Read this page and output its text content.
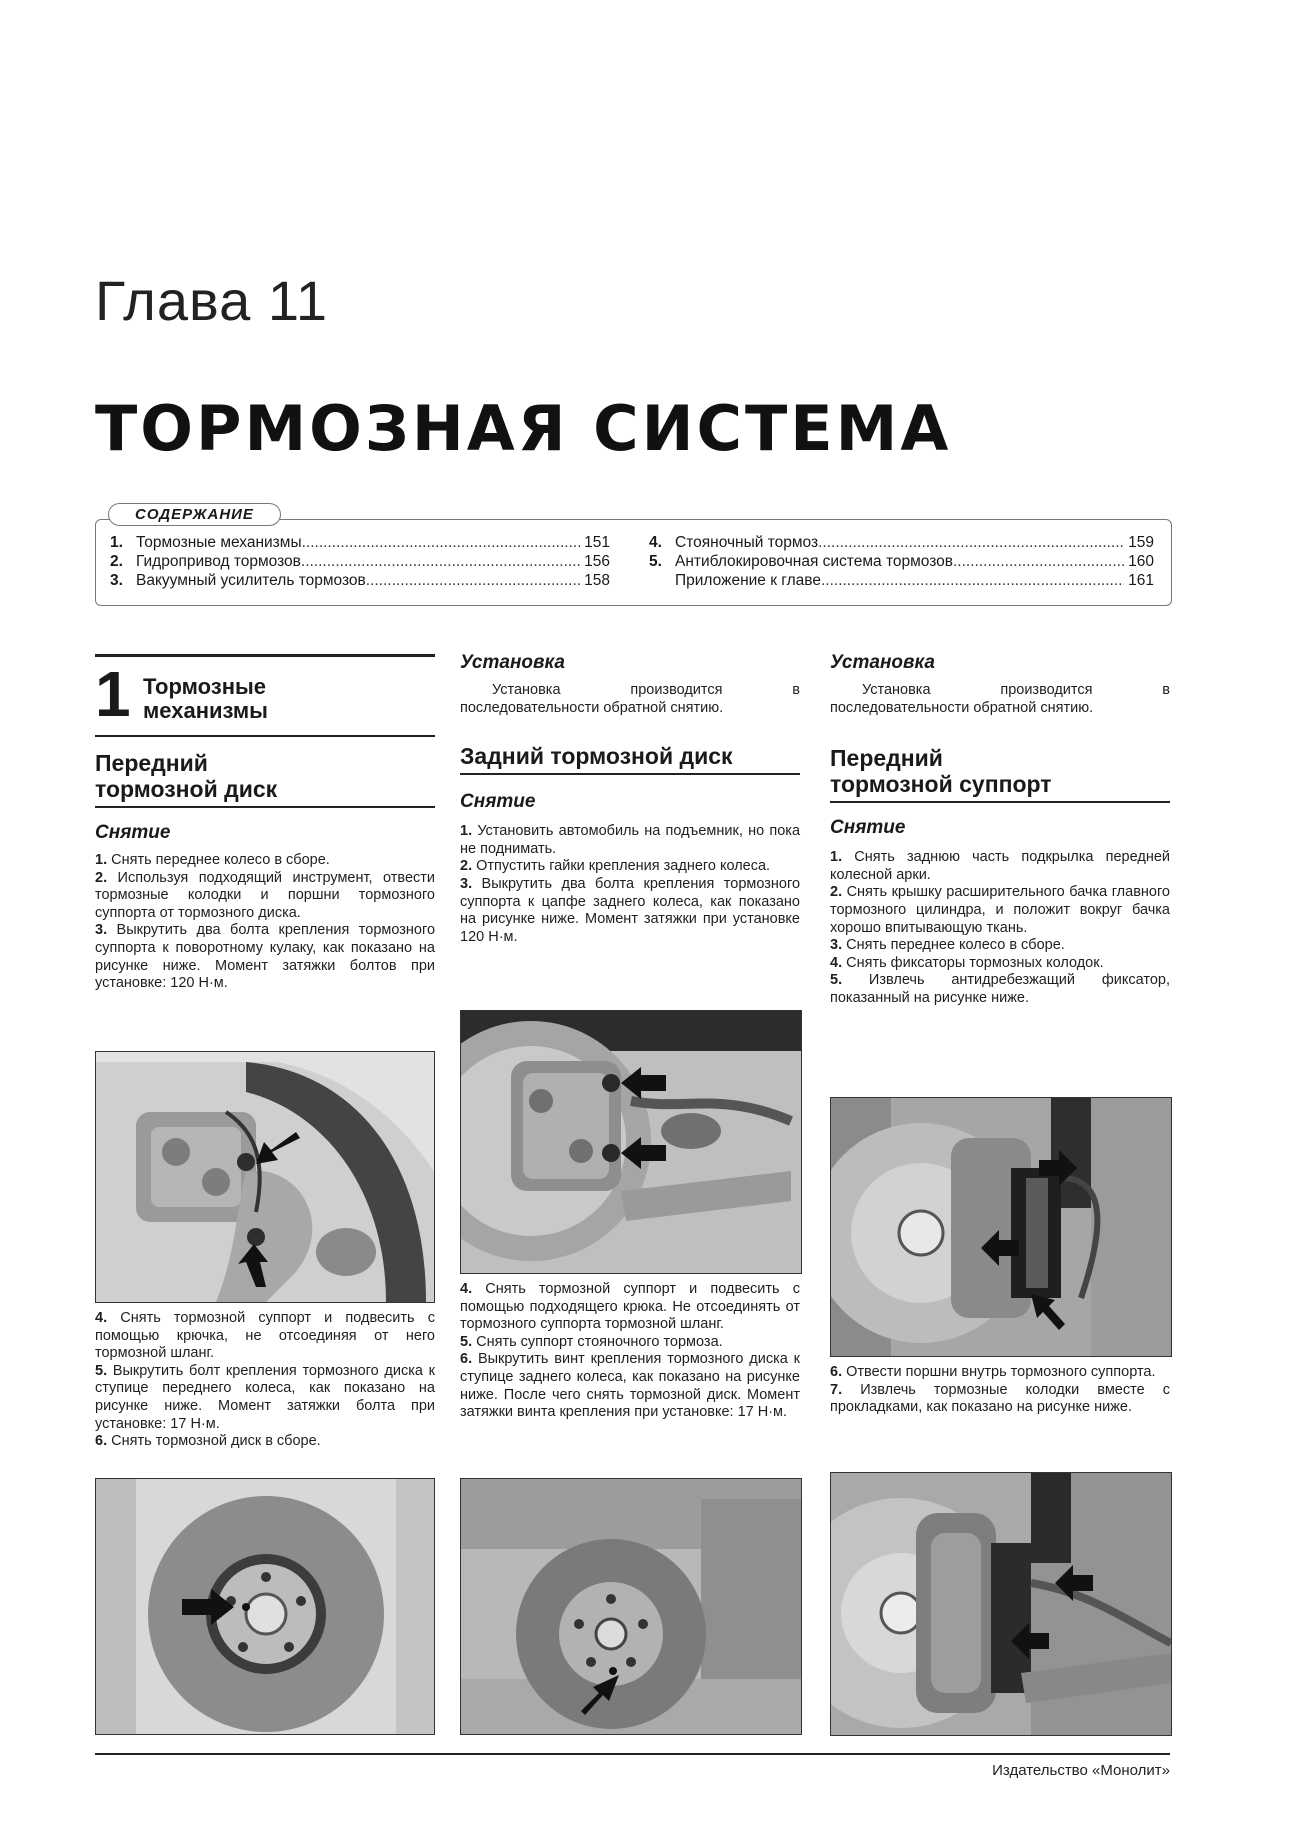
Глава 11
ТОРМОЗНАЯ СИСТЕМА
1. Тормозные механизмы .....	151
2. Гидропривод тормозов .....	156
3. Вакуумный усилитель тормозов .....	158
4. Стояночный тормоз .....	159
5. Антиблокировочная система тормозов .....	160
Приложение к главе .....	161
СОДЕРЖАНИЕ
1 Тормозные
механизмы
Передний
тормозной диск
Снятие

1. Снять переднее колесо в сборе.

2. Используя подходящий инструмент, отвести тормозные колодки и поршни тормозного суппорта от тормозного диска.

3. Выкрутить два болта крепления тормозного суппорта к поворотному кулаку, как показано на рисунке ниже. Момент затяжки болтов при установке: 120 Н·м.

4. Снять тормозной суппорт и подвесить с помощью крючка, не отсоединяя от него тормозной шланг.

5. Выкрутить болт крепления тормозного диска к ступице переднего колеса, как показано на рисунке ниже. Момент затяжки болта при установке: 17 Н·м.

6. Снять тормозной диск в сборе.

Установка

Установка производится в последовательности обратной снятию.

Задний тормозной диск
Снятие

1. Установить автомобиль на подъемник, но пока не поднимать.

2. Отпустить гайки крепления заднего колеса.

3. Выкрутить два болта крепления тормозного суппорта к цапфе заднего колеса, как показано на рисунке ниже. Момент затяжки при установке 120 Н·м.

4. Снять тормозной суппорт и подвесить с помощью подходящего крюка. Не отсоединять от тормозного суппорта тормозной шланг.

5. Снять суппорт стояночного тормоза.

6. Выкрутить винт крепления тормозного диска к ступице заднего колеса, как показано на рисунке ниже. После чего снять тормозной диск. Момент затяжки винта крепления при установке: 17 Н·м.

Установка

Установка производится в последовательности обратной снятию.

Передний
тормозной суппорт
Снятие

1. Снять заднюю часть подкрылка передней колесной арки.

2. Снять крышку расширительного бачка главного тормозного цилиндра, и положит вокруг бачка хорошо впитывающую ткань.

3. Снять переднее колесо в сборе.

4. Снять фиксаторы тормозных колодок.

5. Извлечь антидребезжащий фиксатор, показанный на рисунке ниже.

6. Отвести поршни внутрь тормозного суппорта.

7. Извлечь тормозные колодки вместе с прокладками, как показано на рисунке ниже.

Издательство «Монолит»
